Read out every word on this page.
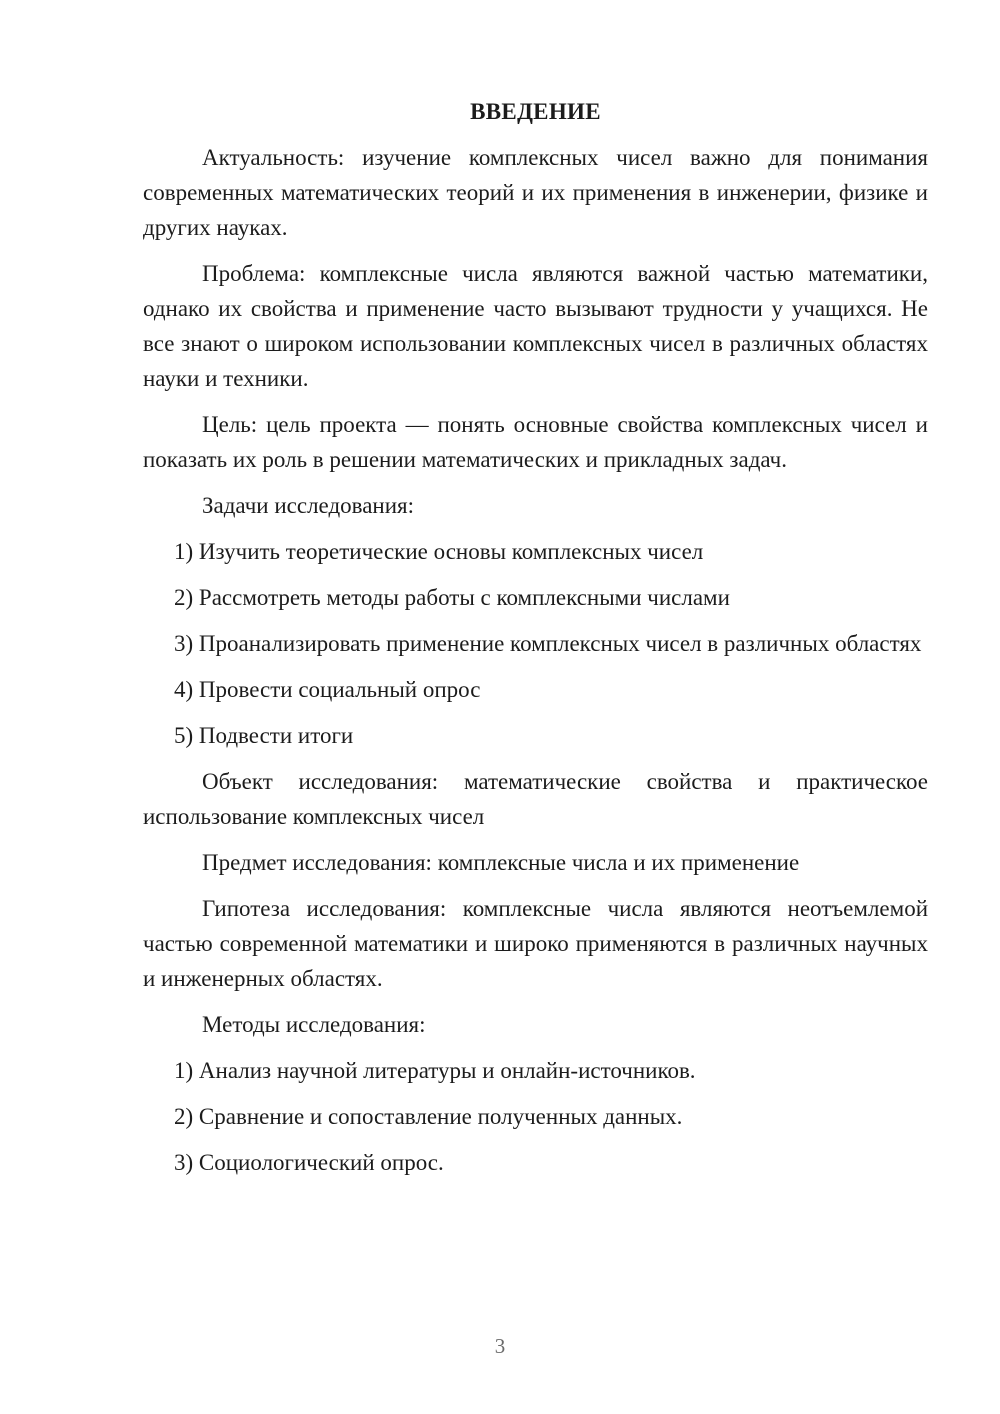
ВВЕДЕНИЕ

Актуальность: изучение комплексных чисел важно для понимания современных математических теорий и их применения в инженерии, физике и других науках.

Проблема: комплексные числа являются важной частью математики, однако их свойства и применение часто вызывают трудности у учащихся. Не все знают о широком использовании комплексных чисел в различных областях науки и техники.

Цель: цель проекта — понять основные свойства комплексных чисел и показать их роль в решении математических и прикладных задач.

Задачи исследования:

1) Изучить теоретические основы комплексных чисел

2) Рассмотреть методы работы с комплексными числами

3) Проанализировать применение комплексных чисел в различных областях

4) Провести социальный опрос

5) Подвести итоги

Объект исследования: математические свойства и практическое использование комплексных чисел

Предмет исследования: комплексные числа и их применение

Гипотеза исследования: комплексные числа являются неотъемлемой частью современной математики и широко применяются в различных научных и инженерных областях.

Методы исследования:

1) Анализ научной литературы и онлайн-источников.

2) Сравнение и сопоставление полученных данных.

3) Социологический опрос.

3
